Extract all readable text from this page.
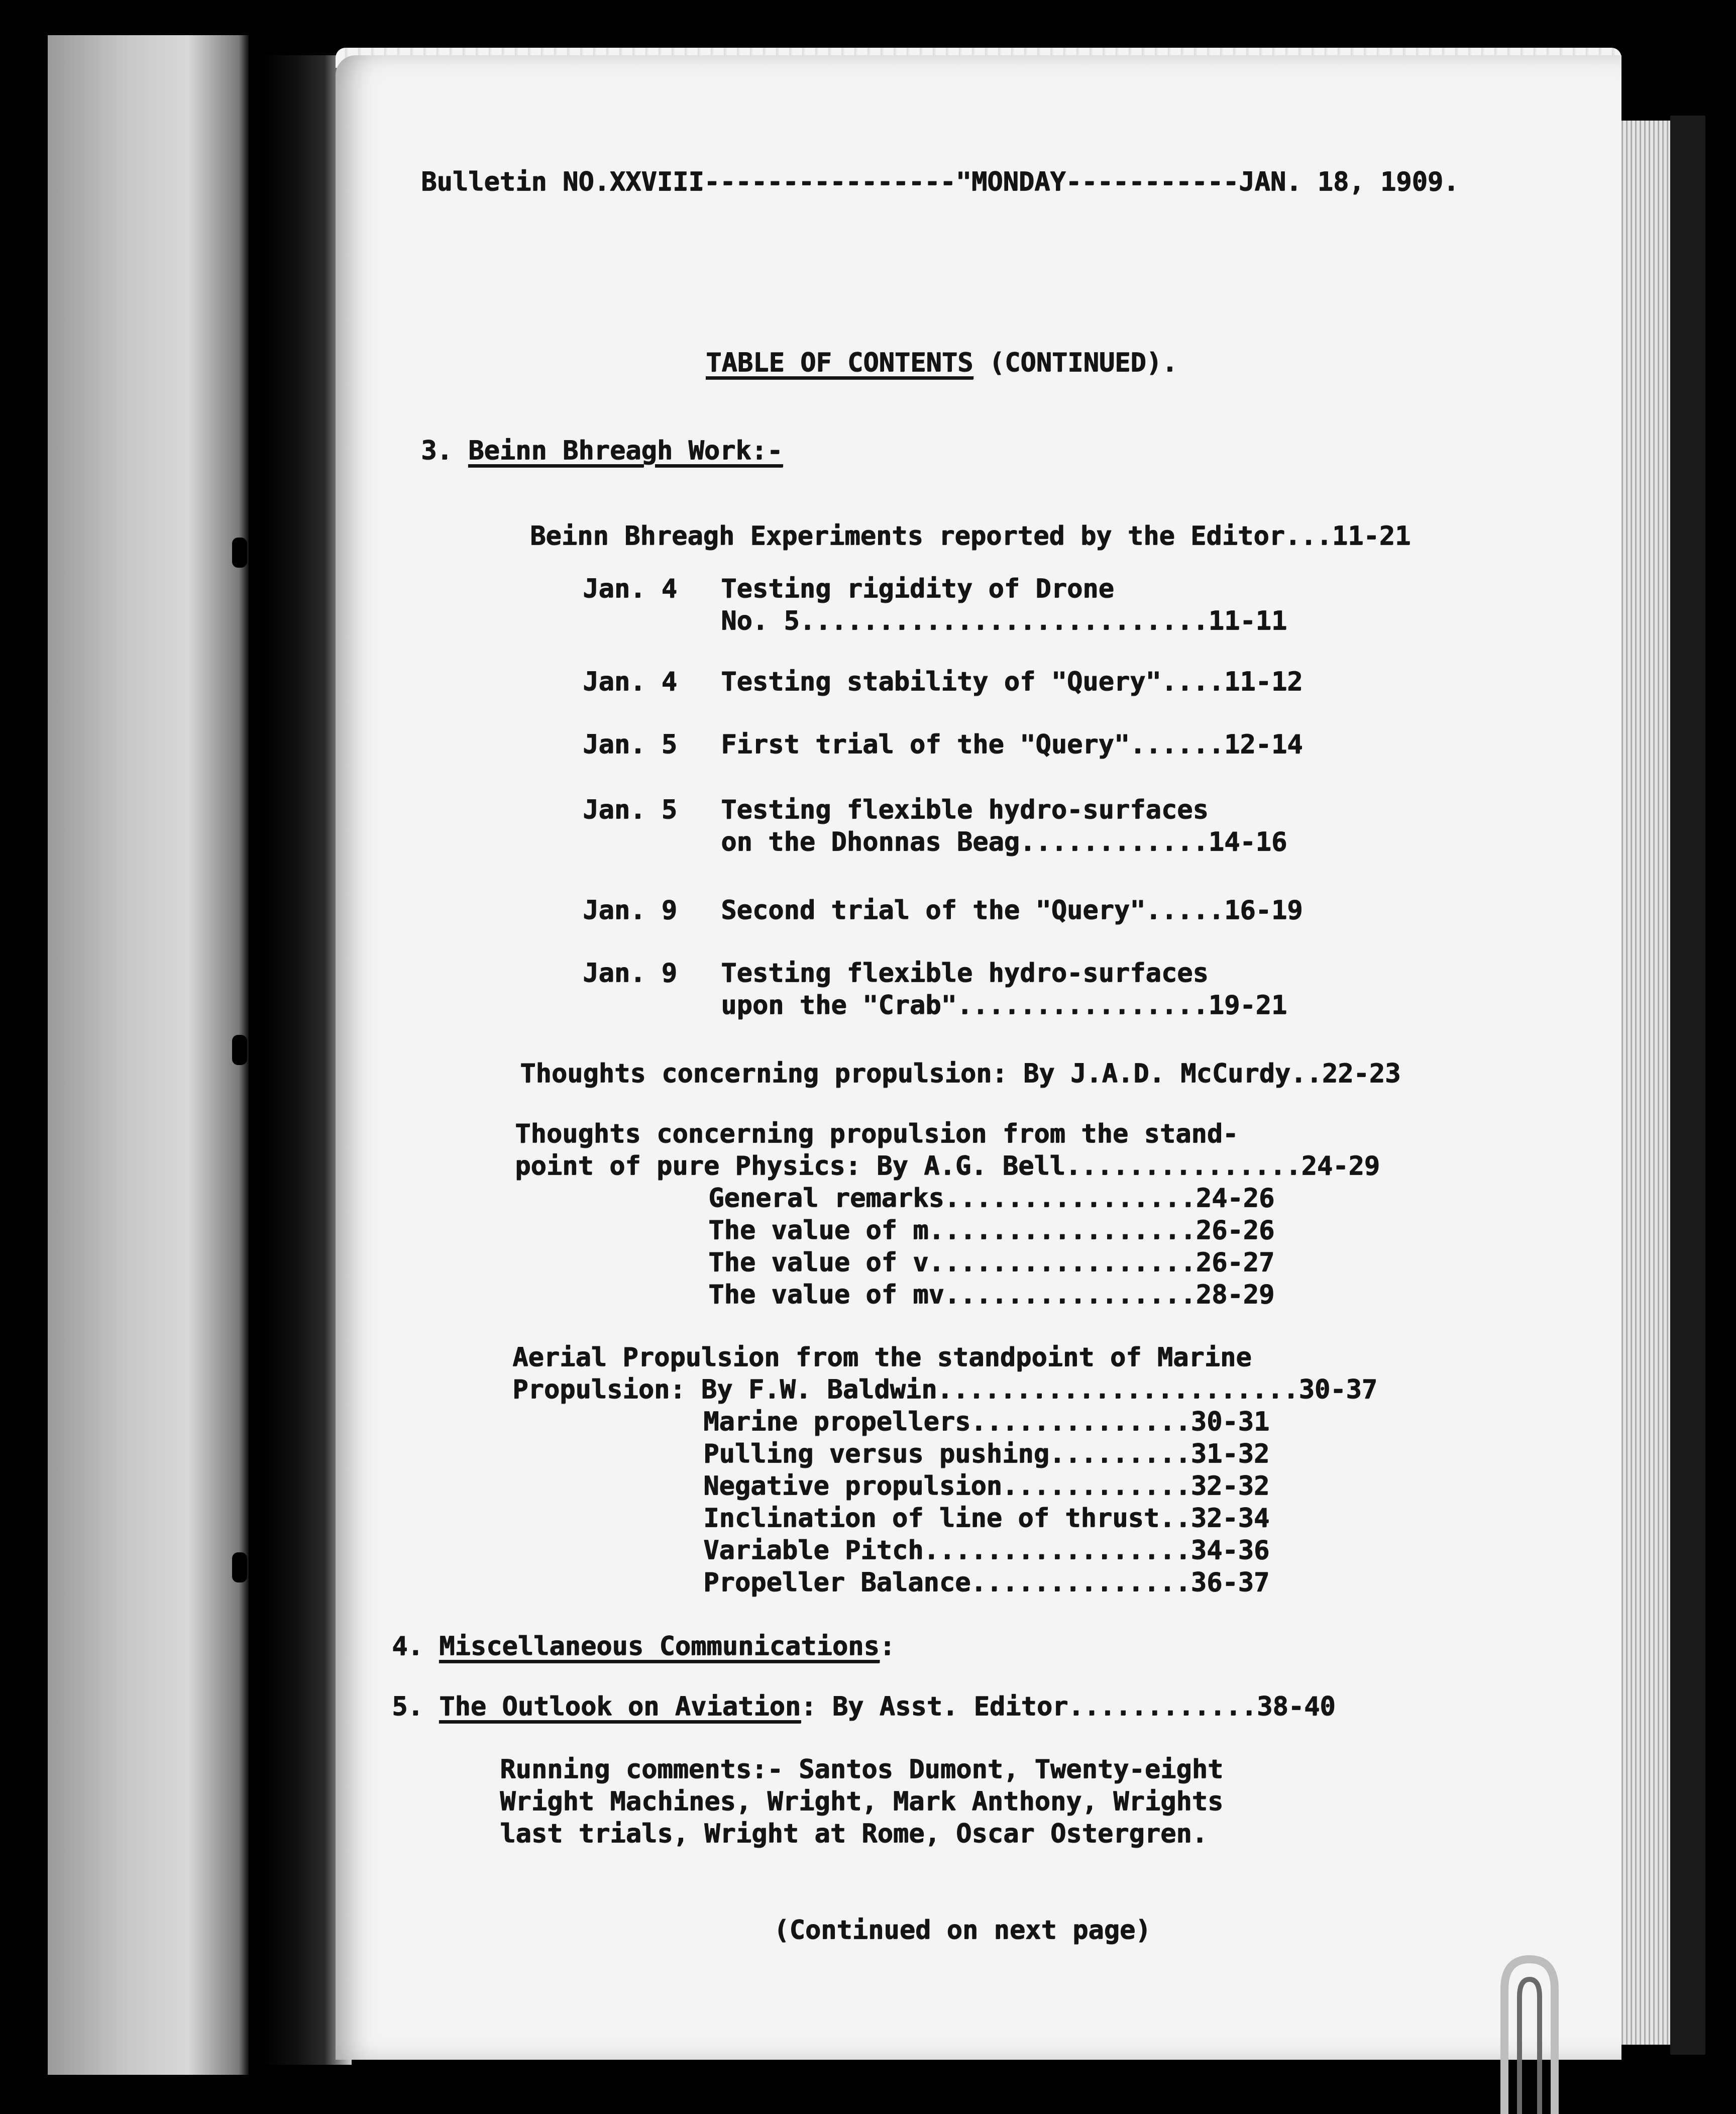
Bulletin NO.XXVIII----------------"MONDAY-----------JAN. 18, 1909.
TABLE OF CONTENTS (CONTINUED).
3. Beinn Bhreagh Work:-
Beinn Bhreagh Experiments reported by the Editor...11-21
Jan. 4 Testing rigidity of Drone
No. 5..........................11-11
Jan. 4 Testing stability of "Query"....11-12
Jan. 5 First trial of the "Query"......12-14
Jan. 5 Testing flexible hydro-surfaces
on the Dhonnas Beag............14-16
Jan. 9 Second trial of the "Query".....16-19
Jan. 9 Testing flexible hydro-surfaces
upon the "Crab"................19-21
Thoughts concerning propulsion: By J.A.D. McCurdy..22-23
Thoughts concerning propulsion from the stand-
point of pure Physics: By A.G. Bell...............24-29
General remarks................24-26
The value of m.................26-26
The value of v.................26-27
The value of mv................28-29
Aerial Propulsion from the standpoint of Marine
Propulsion: By F.W. Baldwin.......................30-37
Marine propellers..............30-31
Pulling versus pushing.........31-32
Negative propulsion............32-32
Inclination of line of thrust..32-34
Variable Pitch.................34-36
Propeller Balance..............36-37
4. Miscellaneous Communications:
5. The Outlook on Aviation: By Asst. Editor............38-40
Running comments:- Santos Dumont, Twenty-eight
Wright Machines, Wright, Mark Anthony, Wrights
last trials, Wright at Rome, Oscar Ostergren.
(Continued on next page)
